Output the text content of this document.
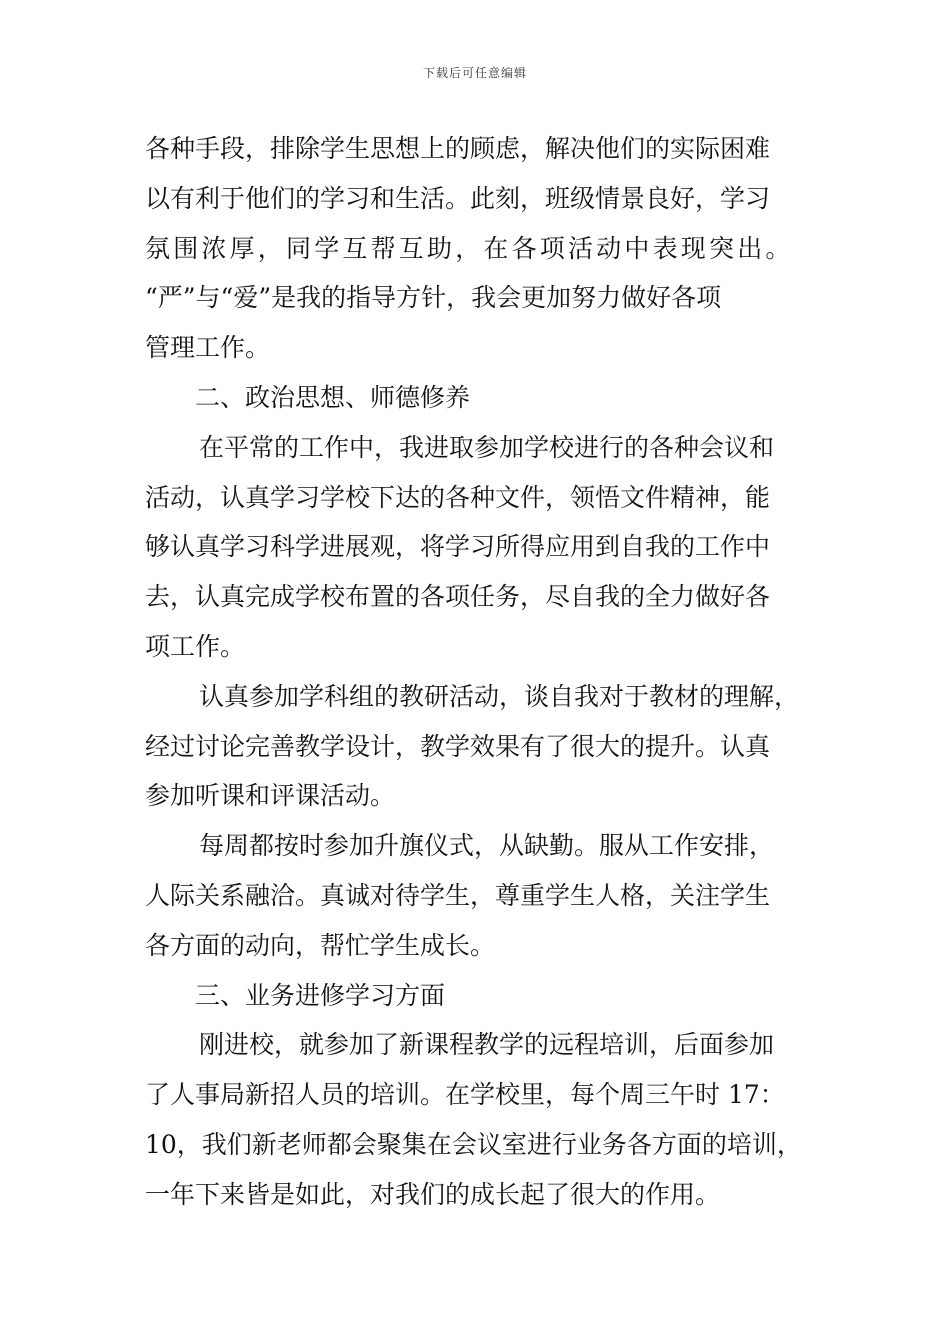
下载后可任意编辑
各种手段，排除学生思想上的顾虑，解决他们的实际困难
以有利于他们的学习和生活。此刻，班级情景良好，学习
氛围浓厚，同学互帮互助，在各项活动中表现突出。
“严”与“爱”是我的指导方针，我会更加努力做好各项
管理工作。
二、政治思想、师德修养
在平常的工作中，我进取参加学校进行的各种会议和
活动，认真学习学校下达的各种文件，领悟文件精神，能
够认真学习科学进展观，将学习所得应用到自我的工作中
去，认真完成学校布置的各项任务，尽自我的全力做好各
项工作。
认真参加学科组的教研活动，谈自我对于教材的理解，
经过讨论完善教学设计，教学效果有了很大的提升。认真
参加听课和评课活动。
每周都按时参加升旗仪式，从缺勤。服从工作安排，
人际关系融洽。真诚对待学生，尊重学生人格，关注学生
各方面的动向，帮忙学生成长。
三、业务进修学习方面
刚进校，就参加了新课程教学的远程培训，后面参加
了人事局新招人员的培训。在学校里，每个周三午时 17：
10，我们新老师都会聚集在会议室进行业务各方面的培训，
一年下来皆是如此，对我们的成长起了很大的作用。
